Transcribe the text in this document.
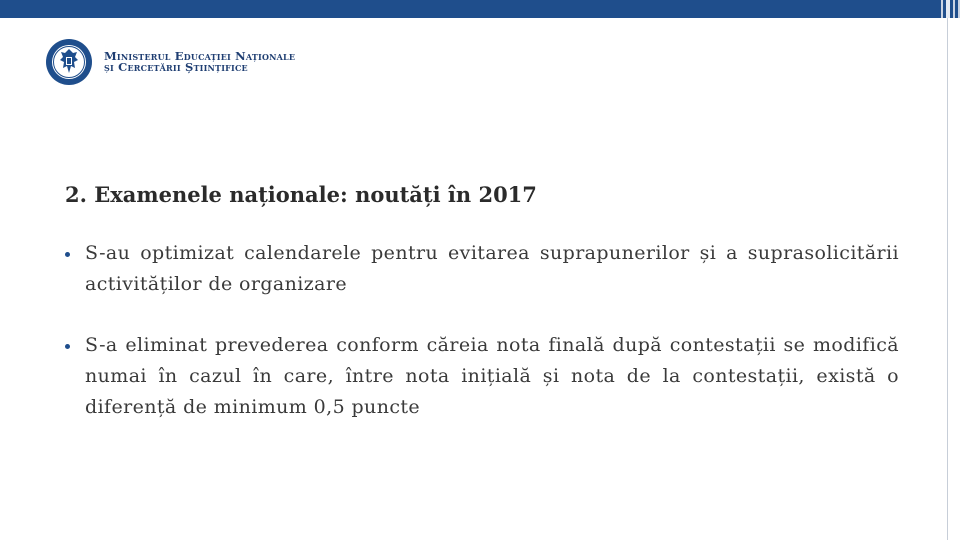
Ministerul Educației Naționale
și Cercetării Științifice
2. Examenele naționale: noutăți în 2017
S-au optimizat calendarele pentru evitarea suprapunerilor și a suprasolicitării activităților de organizare
S-a eliminat prevederea conform căreia nota finală după contestații se modifică numai în cazul în care, între nota inițială și nota de la contestații, există o diferență de minimum 0,5 puncte
